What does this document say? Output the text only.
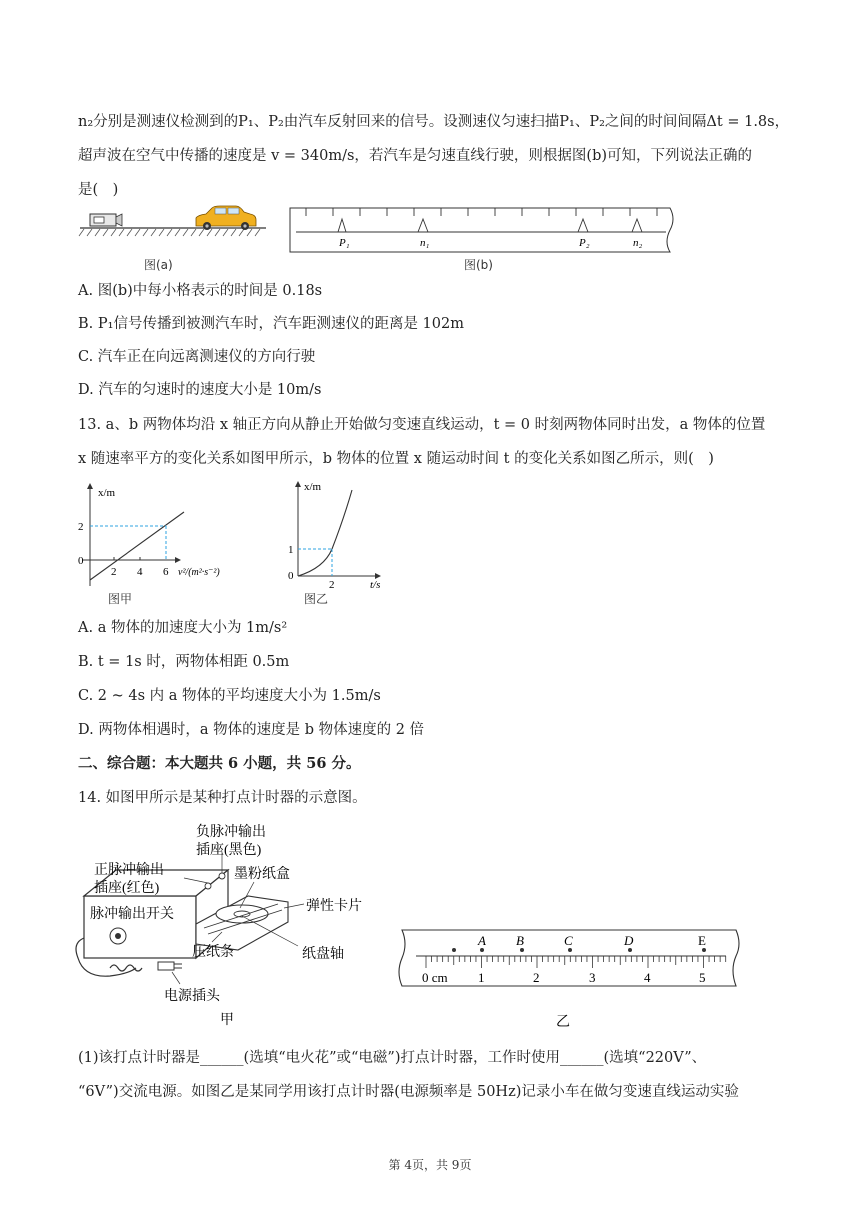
n₂分别是测速仪检测到的P₁、P₂由汽车反射回来的信号。设测速仪匀速扫描P₁、P₂之间的时间间隔Δt = 1.8s，
超声波在空气中传播的速度是 v = 340m/s，若汽车是匀速直线行驶，则根据图(b)可知，下列说法正确的
是(　)
图(a)
P₁	n₁	P₂	n₂
图(b)
A. 图(b)中每小格表示的时间是 0.18s
B. P₁信号传播到被测汽车时，汽车距测速仪的距离是 102m
C. 汽车正在向远离测速仪的方向行驶
D. 汽车的匀速时的速度大小是 10m/s
13. a、b 两物体均沿 x 轴正方向从静止开始做匀变速直线运动，t = 0 时刻两物体同时出发，a 物体的位置
x 随速率平方的变化关系如图甲所示，b 物体的位置 x 随运动时间 t 的变化关系如图乙所示，则(　)
x/m
2
0
2 4 6 v²/(m²·s⁻²)
图甲
x/m
1
0
2	t/s
图乙
A. a 物体的加速度大小为 1m/s²
B. t = 1s 时，两物体相距 0.5m
C. 2 ~ 4s 内 a 物体的平均速度大小为 1.5m/s
D. 两物体相遇时，a 物体的速度是 b 物体速度的 2 倍
二、综合题：本大题共 6 小题，共 56 分。
14. 如图甲所示是某种打点计时器的示意图。
负脉冲输出
插座(黑色)
正脉冲输出
插座(红色)
墨粉纸盒
弹性卡片
脉冲输出开关
压纸条	纸盘轴
电源插头
甲
A B	C	D	E
0 cm 1	2	3	4	5
乙
(1)该打点计时器是______(选填“电火花”或“电磁”)打点计时器，工作时使用______(选填“220V”、
“6V”)交流电源。如图乙是某同学用该打点计时器(电源频率是 50Hz)记录小车在做匀变速直线运动实验
第 4页，共 9页
